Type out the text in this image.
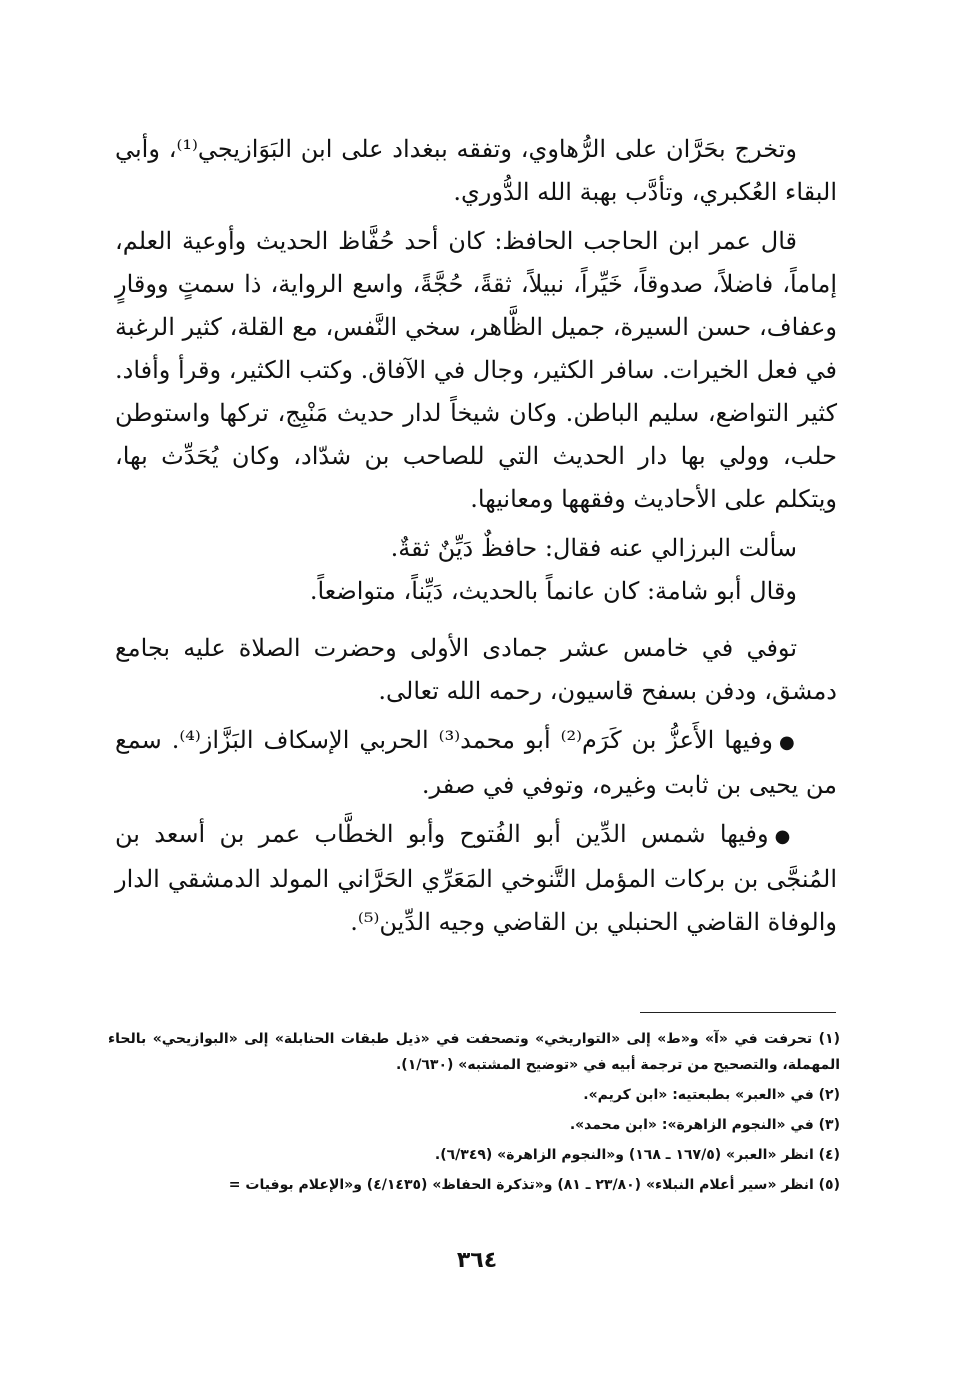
وتخرج بحَرَّان على الرُّهاوي، وتفقه ببغداد على ابن البَوَازيجي⁽¹⁾، وأبي البقاء العُكبري، وتأدَّب بهبة الله الدُّوري.

قال عمر ابن الحاجب الحافظ: كان أحد حُفَّاظ الحديث وأوعية العلم، إماماً، فاضلاً، صدوقاً، خَيِّراً، نبيلاً، ثقةً، حُجَّةً، واسع الرواية، ذا سمتٍ ووقارٍ وعفاف، حسن السيرة، جميل الظَّاهر، سخي النَّفس، مع القلة، كثير الرغبة في فعل الخيرات. سافر الكثير، وجال في الآفاق. وكتب الكثير، وقرأ وأفاد. كثير التواضع، سليم الباطن. وكان شيخاً لدار حديث مَنْبِج، تركها واستوطن حلب، وولي بها دار الحديث التي للصاحب بن شدّاد، وكان يُحَدِّث بها، ويتكلم على الأحاديث وفقهها ومعانيها.

سألت البرزالي عنه فقال: حافظٌ دَيِّنٌ ثقةٌ.

وقال أبو شامة: كان عانماً بالحديث، دَيِّناً، متواضعاً.

توفي في خامس عشر جمادى الأولى وحضرت الصلاة عليه بجامع دمشق، ودفن بسفح قاسيون، رحمه الله تعالى.

●وفيها الأَعزُّ بن كَرَم⁽²⁾ أبو محمد⁽³⁾ الحربي الإسكاف البَزَّاز⁽⁴⁾. سمع من يحيى بن ثابت وغيره، وتوفي في صفر.

●وفيها شمس الدِّين أبو الفُتوح وأبو الخطَّاب عمر بن أسعد بن المُنجَّى بن بركات المؤمل التَّنوخي المَعَرِّي الحَرَّاني المولد الدمشقي الدار والوفاة القاضي الحنبلي بن القاضي وجيه الدِّين⁽⁵⁾.

(١) تحرفت في «آ» و«ط» إلى «التواريخي» وتصحفت في «ذيل طبقات الحنابلة» إلى «البوازيحي» بالحاء المهملة، والتصحيح من ترجمة أبيه في «توضيح المشتبه» (١/٦٣٠).
(٢) في «العبر» بطبعتيه: «ابن كريم».
(٣) في «النجوم الزاهرة»: «ابن محمد».
(٤) انظر «العبر» (١٦٧/٥ ـ ١٦٨) و«النجوم الزاهرة» (٦/٣٤٩).
(٥) انظر «سير أعلام النبلاء» (٢٣/٨٠ ـ ٨١) و«تذكرة الحفاظ» (٤/١٤٣٥) و«الإعلام بوفيات =
٣٦٤
